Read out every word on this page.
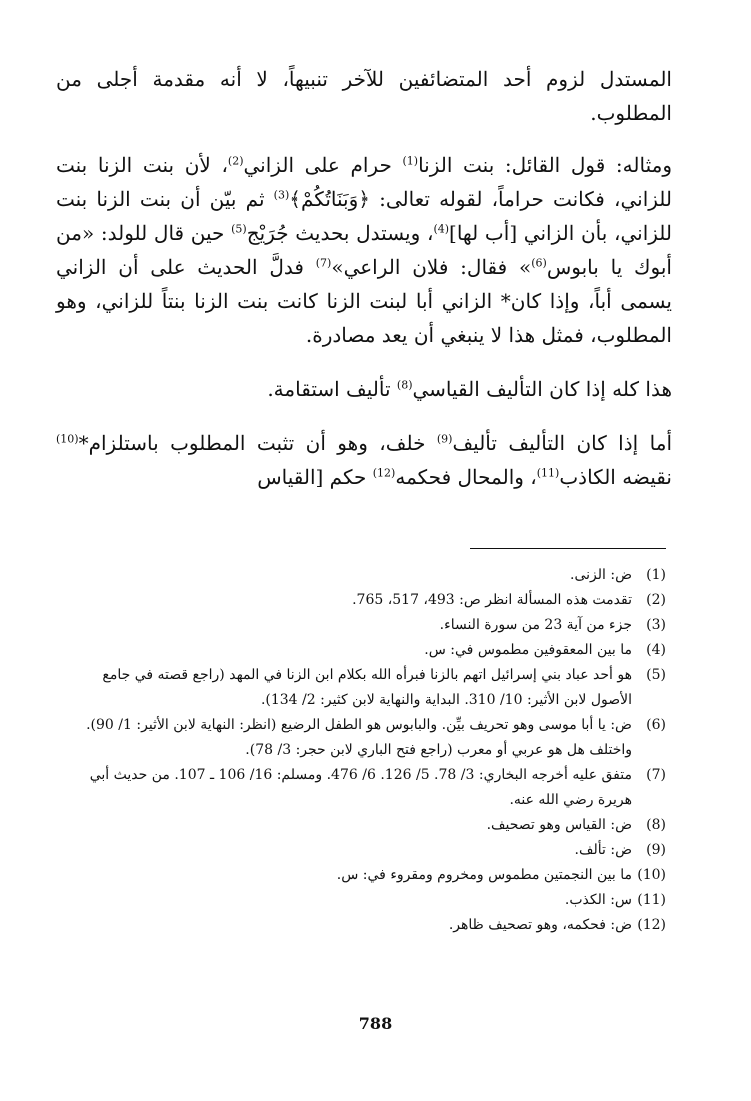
المستدل لزوم أحد المتضائفين للآخر تنبيهاً، لا أنه مقدمة أجلى من المطلوب.

ومثاله: قول القائل: بنت الزنا$^{(1)}$ حرام على الزاني$^{(2)}$، لأن بنت الزنا بنت للزاني، فكانت حراماً، لقوله تعالى: ﴿وَبَنَاتُكُمْ﴾$^{(3)}$ ثم بيّن أن بنت الزنا بنت للزاني، بأن الزاني [أب لها]$^{(4)}$، ويستدل بحديث جُرَيْج$^{(5)}$ حين قال للولد: «من أبوك يا بابوس$^{(6)}$» فقال: فلان الراعي»$^{(7)}$ فدلَّ الحديث على أن الزاني يسمى أباً، وإذا كان* الزاني أبا لبنت الزنا كانت بنت الزنا بنتاً للزاني، وهو المطلوب، فمثل هذا لا ينبغي أن يعد مصادرة.

هذا كله إذا كان التأليف القياسي$^{(8)}$ تأليف استقامة.

أما إذا كان التأليف تأليف$^{(9)}$ خلف، وهو أن تثبت المطلوب باستلزام*$^{(10)}$ نقيضه الكاذب$^{(11)}$، والمحال فحكمه$^{(12)}$ حكم [القياس

(1)
ض: الزنى.
(2)
تقدمت هذه المسألة انظر ص: 493، 517، 765.
(3)
جزء من آية 23 من سورة النساء.
(4)
ما بين المعقوفين مطموس في: س.
(5)
هو أحد عباد بني إسرائيل اتهم بالزنا فبرأه الله بكلام ابن الزنا في المهد (راجع قصته في جامع الأصول لابن الأثير: 10/ 310. البداية والنهاية لابن كثير: 2/ 134).
(6)
ض: يا أبا موسى وهو تحريف بيِّن. والبابوس هو الطفل الرضيع (انظر: النهاية لابن الأثير: 1/ 90). واختلف هل هو عربي أو معرب (راجع فتح الباري لابن حجر: 3/ 78).
(7)
متفق عليه أخرجه البخاري: 3/ 78. 5/ 126. 6/ 476. ومسلم: 16/ 106 ـ 107. من حديث أبي هريرة رضي الله عنه.
(8)
ض: القياس وهو تصحيف.
(9)
ض: تألف.
(10)
ما بين النجمتين مطموس ومخروم ومقروء في: س.
(11)
س: الكذب.
(12)
ض: فحكمه، وهو تصحيف ظاهر.
788
